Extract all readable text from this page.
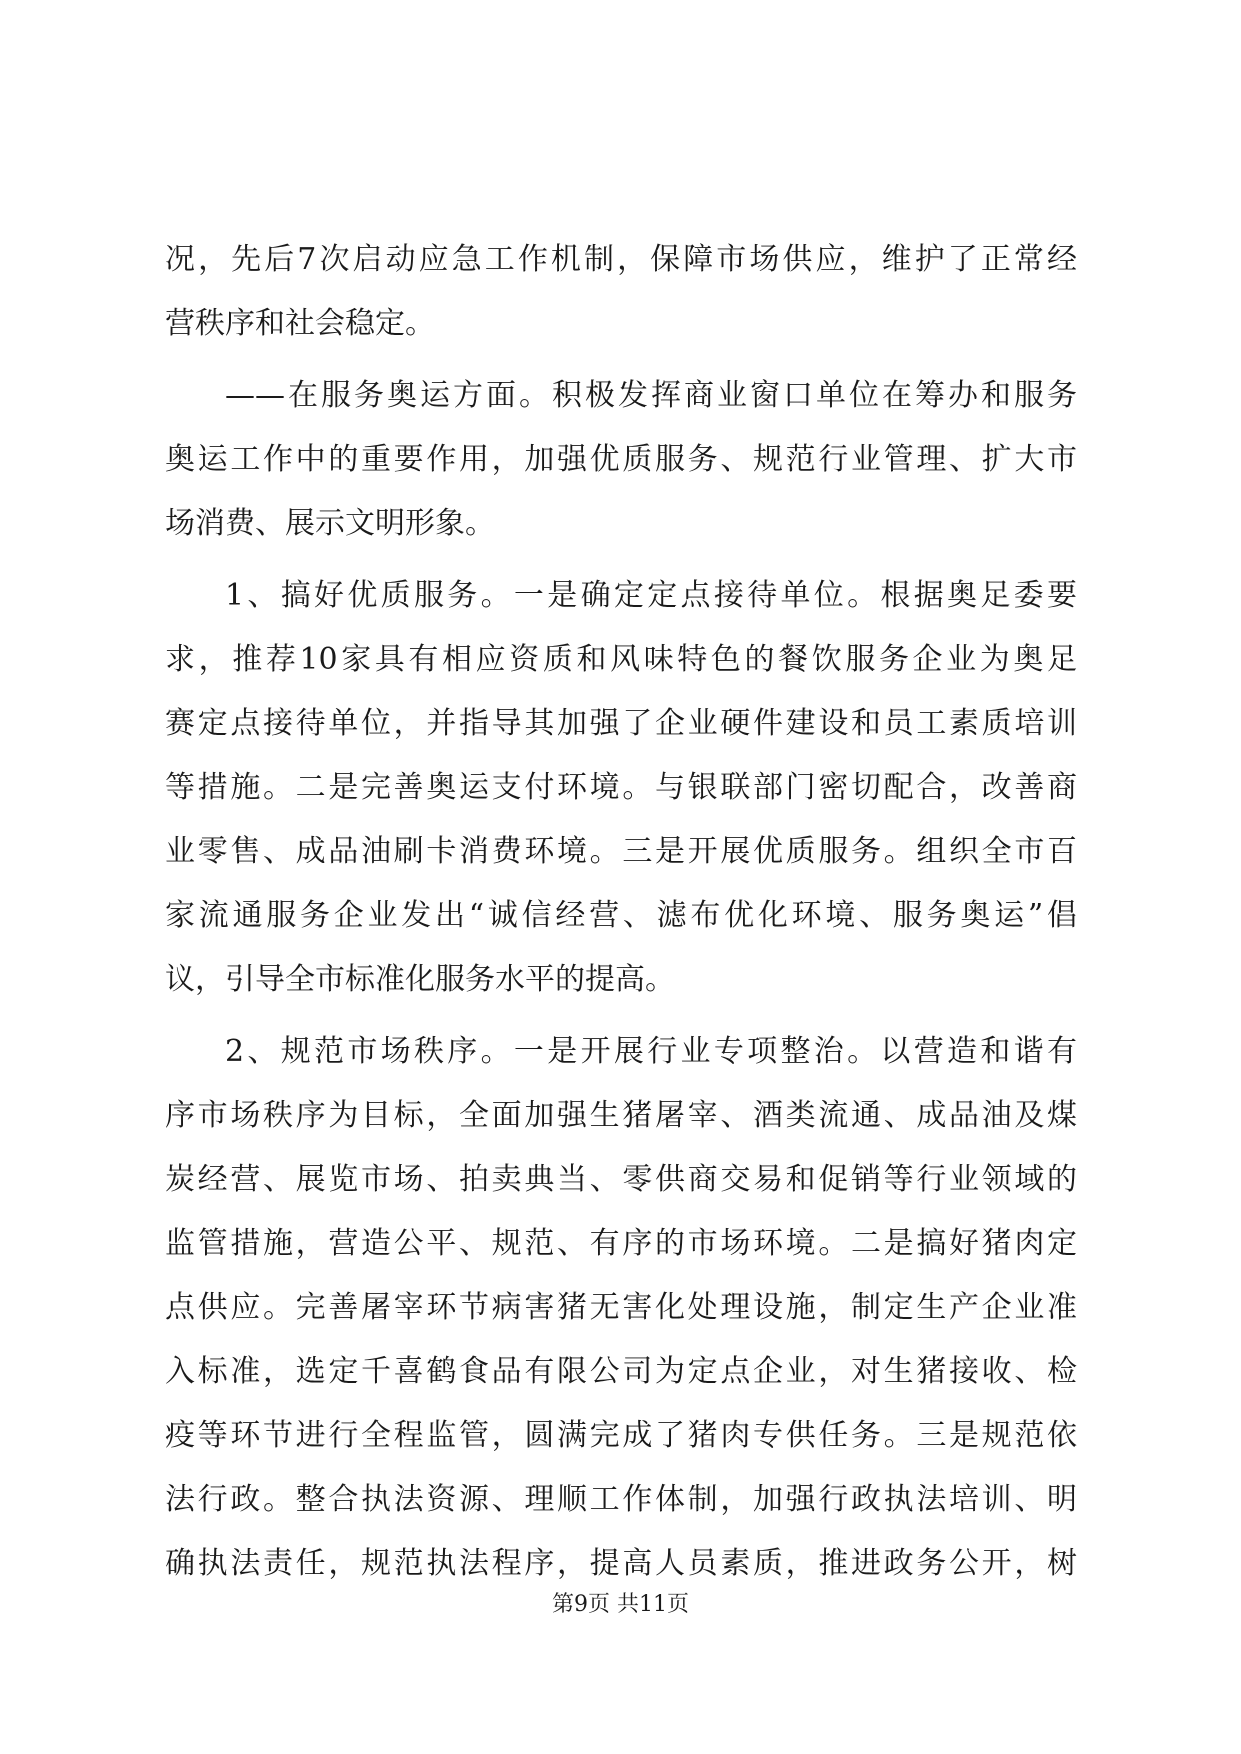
况，先后7次启动应急工作机制，保障市场供应，维护了正常经
营秩序和社会稳定。
——在服务奥运方面。积极发挥商业窗口单位在筹办和服务
奥运工作中的重要作用，加强优质服务、规范行业管理、扩大市
场消费、展示文明形象。
1、搞好优质服务。一是确定定点接待单位。根据奥足委要
求，推荐10家具有相应资质和风味特色的餐饮服务企业为奥足
赛定点接待单位，并指导其加强了企业硬件建设和员工素质培训
等措施。二是完善奥运支付环境。与银联部门密切配合，改善商
业零售、成品油刷卡消费环境。三是开展优质服务。组织全市百
家流通服务企业发出“诚信经营、滤布优化环境、服务奥运”倡
议，引导全市标准化服务水平的提高。
2、规范市场秩序。一是开展行业专项整治。以营造和谐有
序市场秩序为目标，全面加强生猪屠宰、酒类流通、成品油及煤
炭经营、展览市场、拍卖典当、零供商交易和促销等行业领域的
监管措施，营造公平、规范、有序的市场环境。二是搞好猪肉定
点供应。完善屠宰环节病害猪无害化处理设施，制定生产企业准
入标准，选定千喜鹤食品有限公司为定点企业，对生猪接收、检
疫等环节进行全程监管，圆满完成了猪肉专供任务。三是规范依
法行政。整合执法资源、理顺工作体制，加强行政执法培训、明
确执法责任，规范执法程序，提高人员素质，推进政务公开，树
第9页 共11页
